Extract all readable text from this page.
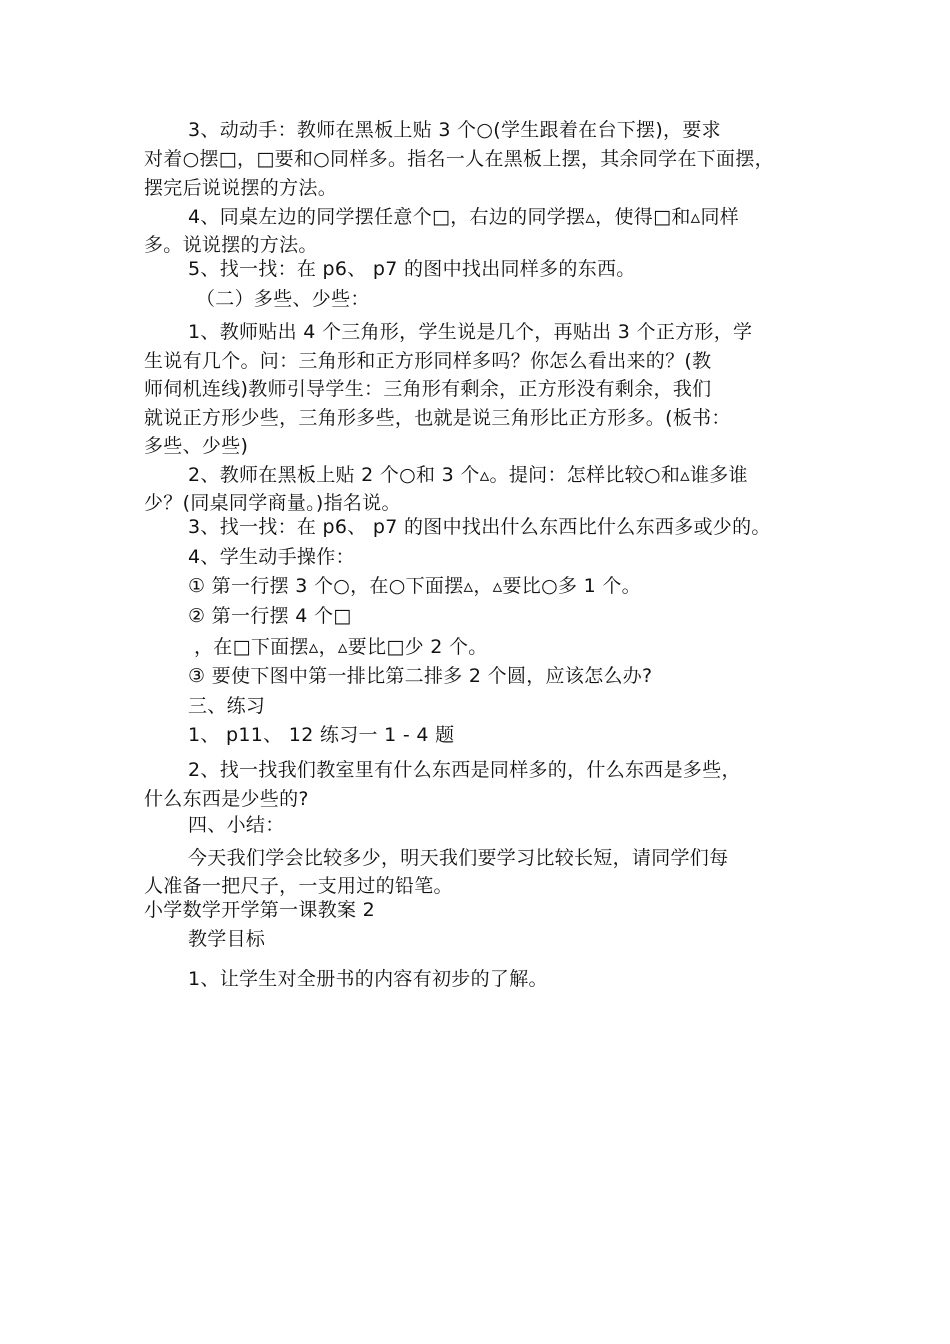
3、动动手：教师在黑板上贴 3 个○(学生跟着在台下摆)，要求
对着○摆□，□要和○同样多。指名一人在黑板上摆，其余同学在下面摆，
摆完后说说摆的方法。
4、同桌左边的同学摆任意个□，右边的同学摆▵，使得□和▵同样
多。说说摆的方法。
5、找一找：在 p6、 p7 的图中找出同样多的东西。
（二）多些、少些：
1、教师贴出 4 个三角形，学生说是几个，再贴出 3 个正方形，学
生说有几个。问：三角形和正方形同样多吗？你怎么看出来的？(教
师伺机连线)教师引导学生：三角形有剩余，正方形没有剩余，我们
就说正方形少些，三角形多些，也就是说三角形比正方形多。(板书：
多些、少些)
2、教师在黑板上贴 2 个○和 3 个▵。提问：怎样比较○和▵谁多谁
少？(同桌同学商量。)指名说。
3、找一找：在 p6、 p7 的图中找出什么东西比什么东西多或少的。
4、学生动手操作：
① 第一行摆 3 个○，在○下面摆▵，▵要比○多 1 个。
② 第一行摆 4 个□
，在□下面摆▵，▵要比□少 2 个。
③ 要使下图中第一排比第二排多 2 个圆，应该怎么办?
三、练习
1、 p11、 12 练习一 1 - 4 题
2、找一找我们教室里有什么东西是同样多的，什么东西是多些，
什么东西是少些的?
四、小结：
今天我们学会比较多少，明天我们要学习比较长短，请同学们每
人准备一把尺子，一支用过的铅笔。
小学数学开学第一课教案 2
教学目标
1、让学生对全册书的内容有初步的了解。
